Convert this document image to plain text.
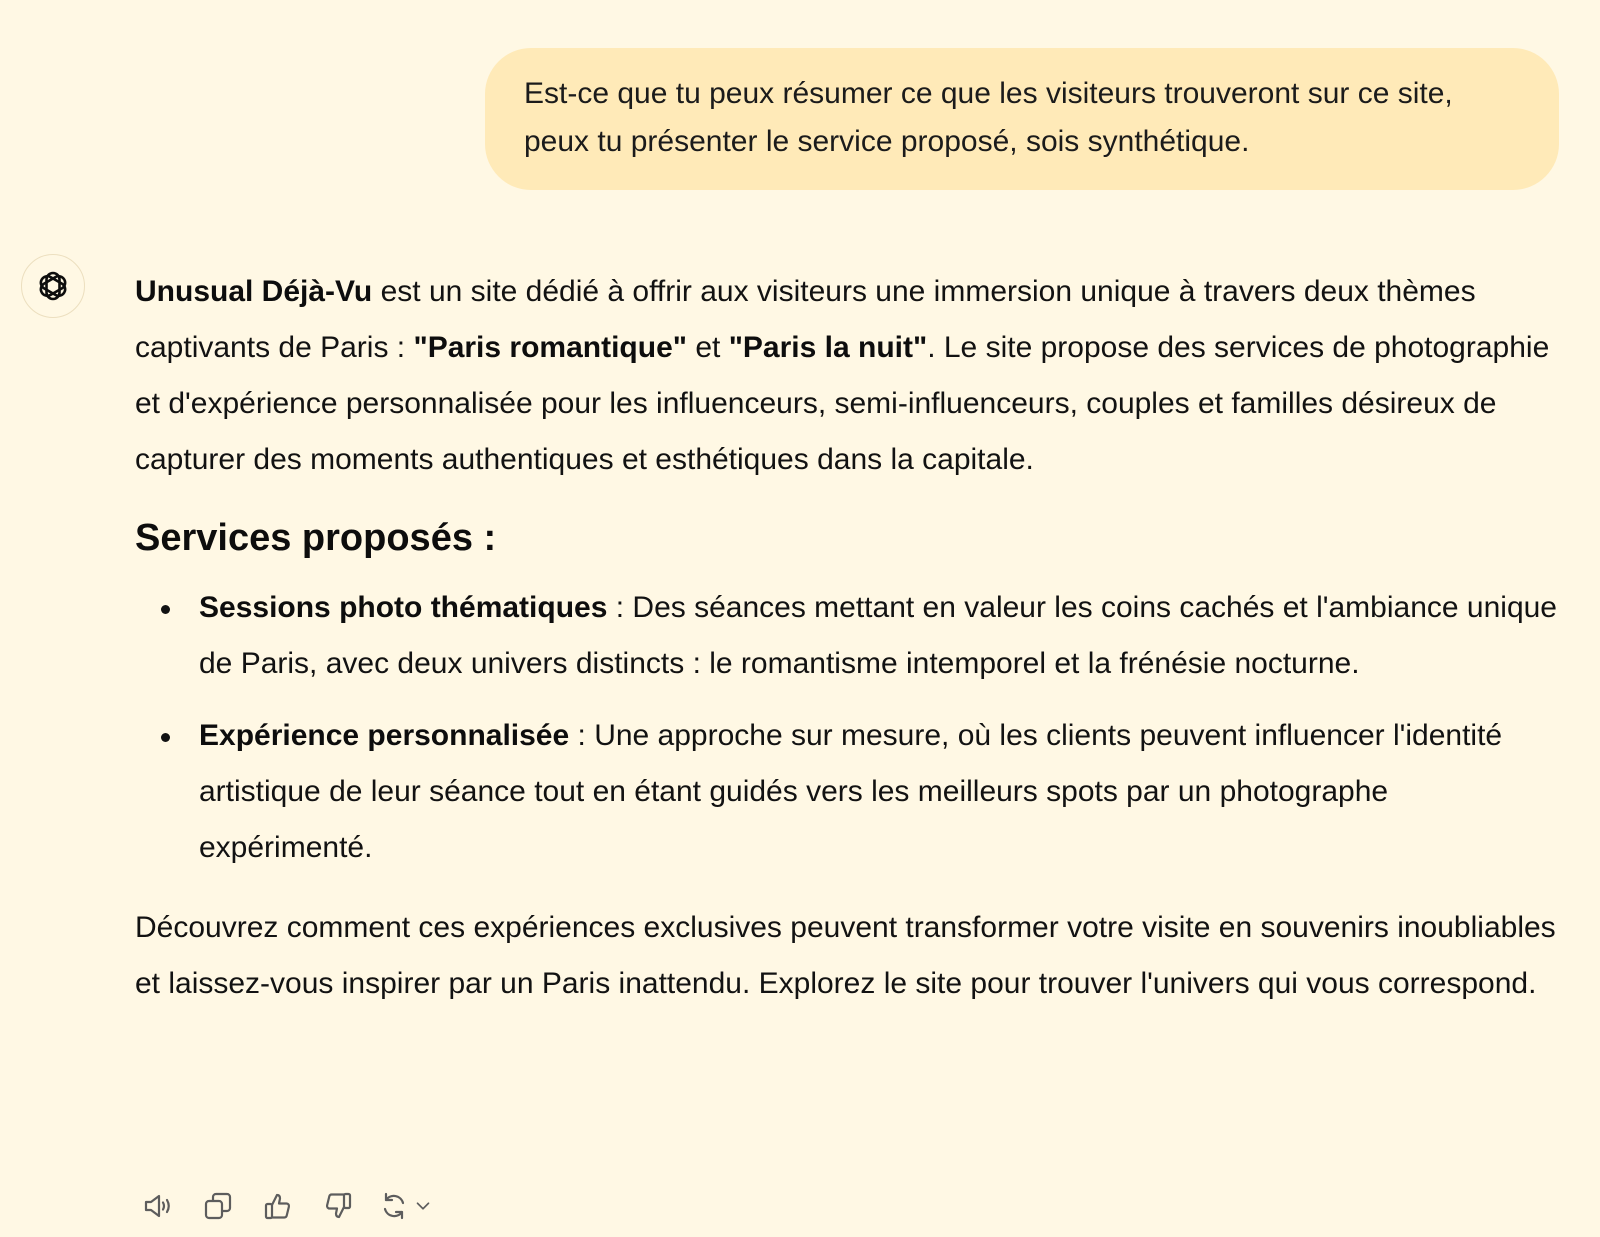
Est-ce que tu peux résumer ce que les visiteurs trouveront sur ce site, peux tu présenter le service proposé, sois synthétique.

Unusual Déjà-Vu est un site dédié à offrir aux visiteurs une immersion unique à travers deux thèmes captivants de Paris : "Paris romantique" et "Paris la nuit". Le site propose des services de photographie et d'expérience personnalisée pour les influenceurs, semi-influenceurs, couples et familles désireux de capturer des moments authentiques et esthétiques dans la capitale.

Services proposés :
Sessions photo thématiques : Des séances mettant en valeur les coins cachés et l'ambiance unique de Paris, avec deux univers distincts : le romantisme intemporel et la frénésie nocturne.
Expérience personnalisée : Une approche sur mesure, où les clients peuvent influencer l'identité artistique de leur séance tout en étant guidés vers les meilleurs spots par un photographe expérimenté.

Découvrez comment ces expériences exclusives peuvent transformer votre visite en souvenirs inoubliables et laissez-vous inspirer par un Paris inattendu. Explorez le site pour trouver l'univers qui vous correspond.
